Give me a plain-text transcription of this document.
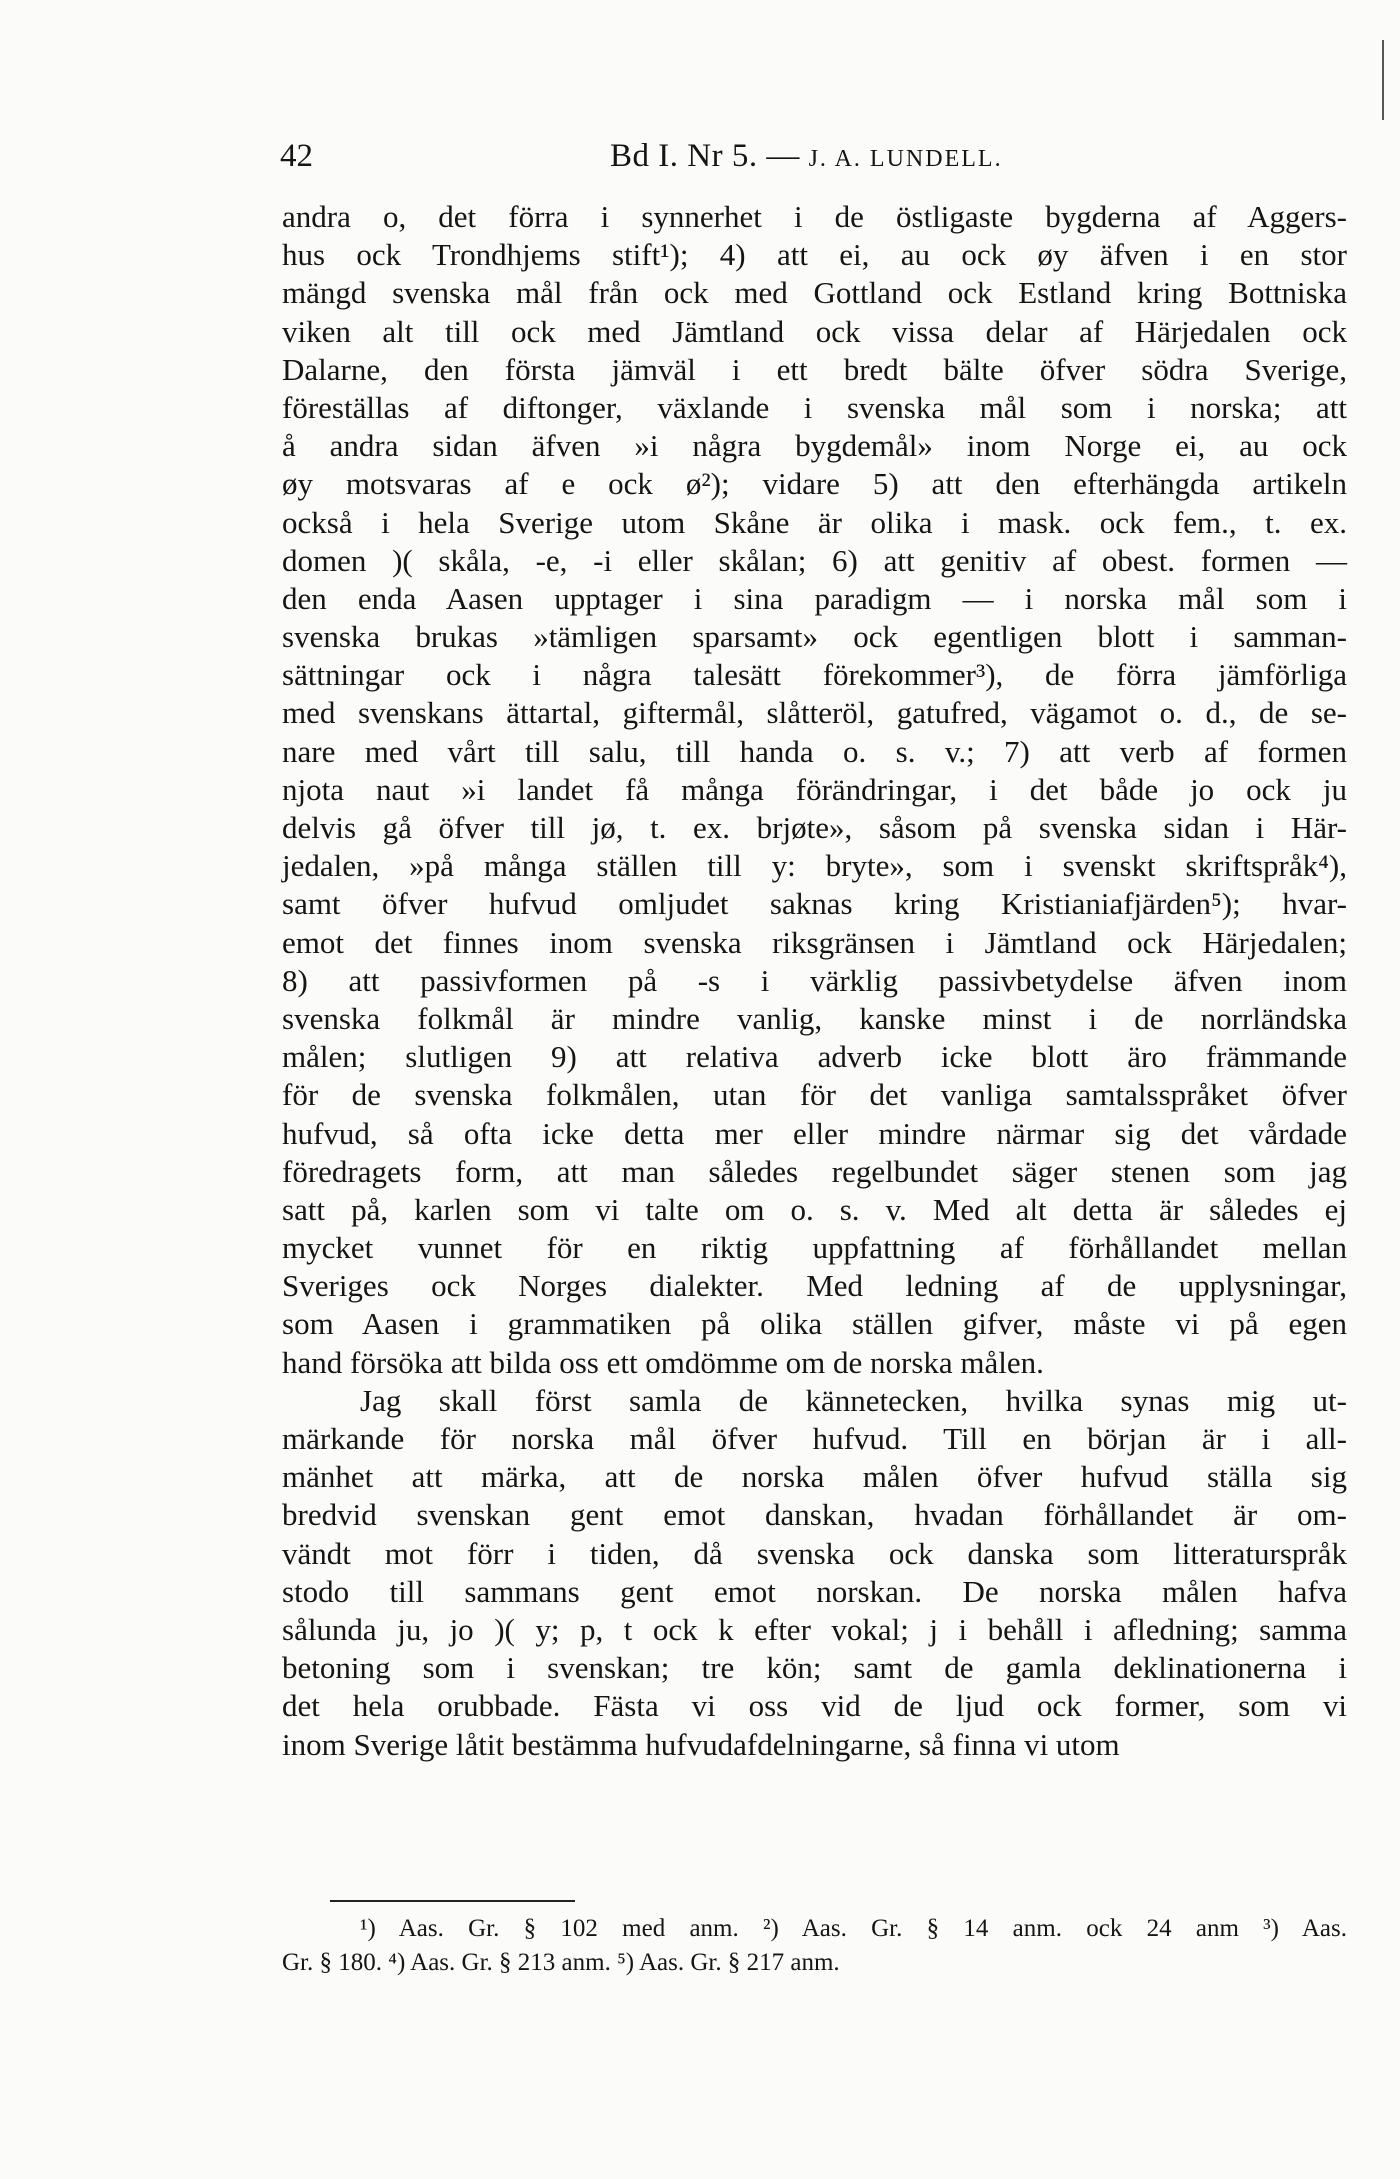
42	Bd I. Nr 5. — J. A. LUNDELL.
andra o, det förra i synnerhet i de östligaste bygderna af Aggers-
hus ock Trondhjems stift¹); 4) att ei, au ock øy äfven i en stor
mängd svenska mål från ock med Gottland ock Estland kring Bottniska
viken alt till ock med Jämtland ock vissa delar af Härjedalen ock
Dalarne, den första jämväl i ett bredt bälte öfver södra Sverige,
föreställas af diftonger, växlande i svenska mål som i norska; att
å andra sidan äfven »i några bygdemål» inom Norge ei, au ock
øy motsvaras af e ock ø²); vidare 5) att den efterhängda artikeln
också i hela Sverige utom Skåne är olika i mask. ock fem., t. ex.
domen )( skåla, -e, -i eller skålan; 6) att genitiv af obest. formen —
den enda Aasen upptager i sina paradigm — i norska mål som i
svenska brukas »tämligen sparsamt» ock egentligen blott i samman-
sättningar ock i några talesätt förekommer³), de förra jämförliga
med svenskans ättartal, giftermål, slåtteröl, gatufred, vägamot o. d., de se-
nare med vårt till salu, till handa o. s. v.; 7) att verb af formen
njota naut »i landet få många förändringar, i det både jo ock ju
delvis gå öfver till jø, t. ex. brjøte», såsom på svenska sidan i Här-
jedalen, »på många ställen till y: bryte», som i svenskt skriftspråk⁴),
samt öfver hufvud omljudet saknas kring Kristianiafjärden⁵); hvar-
emot det finnes inom svenska riksgränsen i Jämtland ock Härjedalen;
8) att passivformen på -s i värklig passivbetydelse äfven inom
svenska folkmål är mindre vanlig, kanske minst i de norrländska
målen; slutligen 9) att relativa adverb icke blott äro främmande
för de svenska folkmålen, utan för det vanliga samtalsspråket öfver
hufvud, så ofta icke detta mer eller mindre närmar sig det vårdade
föredragets form, att man således regelbundet säger stenen som jag
satt på, karlen som vi talte om o. s. v. Med alt detta är således ej
mycket vunnet för en riktig uppfattning af förhållandet mellan
Sveriges ock Norges dialekter. Med ledning af de upplysningar,
som Aasen i grammatiken på olika ställen gifver, måste vi på egen
hand försöka att bilda oss ett omdömme om de norska målen.
Jag skall först samla de kännetecken, hvilka synas mig ut-
märkande för norska mål öfver hufvud. Till en början är i all-
mänhet att märka, att de norska målen öfver hufvud ställa sig
bredvid svenskan gent emot danskan, hvadan förhållandet är om-
vändt mot förr i tiden, då svenska ock danska som litteraturspråk
stodo till sammans gent emot norskan. De norska målen hafva
sålunda ju, jo )( y; p, t ock k efter vokal; j i behåll i afledning; samma
betoning som i svenskan; tre kön; samt de gamla deklinationerna i
det hela orubbade. Fästa vi oss vid de ljud ock former, som vi
inom Sverige låtit bestämma hufvudafdelningarne, så finna vi utom
¹) Aas. Gr. § 102 med anm. ²) Aas. Gr. § 14 anm. ock 24 anm ³) Aas.
Gr. § 180. ⁴) Aas. Gr. § 213 anm. ⁵) Aas. Gr. § 217 anm.
